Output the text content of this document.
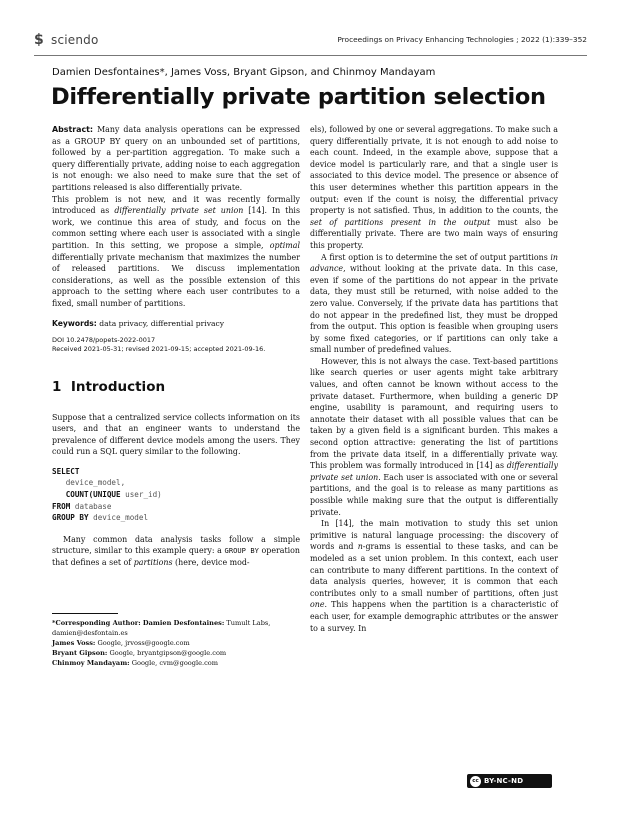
$ sciendo	Proceedings on Privacy Enhancing Technologies ; 2022 (1):339–352
Damien Desfontaines*, James Voss, Bryant Gipson, and Chinmoy Mandayam
Differentially private partition selection

Abstract: Many data analysis operations can be expressed as a GROUP BY query on an unbounded set of partitions, followed by a per-partition aggregation. To make such a query differentially private, adding noise to each aggregation is not enough: we also need to make sure that the set of partitions released is also differentially private.

This problem is not new, and it was recently formally introduced as differentially private set union [14]. In this work, we continue this area of study, and focus on the common setting where each user is associated with a single partition. In this setting, we propose a simple, optimal differentially private mechanism that maximizes the number of released partitions. We discuss implementation considerations, as well as the possible extension of this approach to the setting where each user contributes to a fixed, small number of partitions.

Keywords: data privacy, differential privacy

DOI 10.2478/popets-2022-0017

Received 2021-05-31; revised 2021-09-15; accepted 2021-09-16.

1 Introduction

Suppose that a centralized service collects information on its users, and that an engineer wants to understand the prevalence of different device models among the users. They could run a SQL query similar to the following.

SELECT
device_model,
COUNT(UNIQUE user_id)
FROM database
GROUP BY device_model

Many common data analysis tasks follow a simple structure, similar to this example query: a GROUP BY operation that defines a set of partitions (here, device mod-

*Corresponding Author: Damien Desfontaines: Tumult Labs, damien@desfontain.es

James Voss: Google, jrvoss@google.com

Bryant Gipson: Google, bryantgipson@google.com

Chinmoy Mandayam: Google, cvm@google.com

els), followed by one or several aggregations. To make such a query differentially private, it is not enough to add noise to each count. Indeed, in the example above, suppose that a device model is particularly rare, and that a single user is associated to this device model. The presence or absence of this user determines whether this partition appears in the output: even if the count is noisy, the differential privacy property is not satisfied. Thus, in addition to the counts, the set of partitions present in the output must also be differentially private. There are two main ways of ensuring this property.

A first option is to determine the set of output partitions in advance, without looking at the private data. In this case, even if some of the partitions do not appear in the private data, they must still be returned, with noise added to the zero value. Conversely, if the private data has partitions that do not appear in the predefined list, they must be dropped from the output. This option is feasible when grouping users by some fixed categories, or if partitions can only take a small number of predefined values.

However, this is not always the case. Text-based partitions like search queries or user agents might take arbitrary values, and often cannot be known without access to the private dataset. Furthermore, when building a generic DP engine, usability is paramount, and requiring users to annotate their dataset with all possible values that can be taken by a given field is a significant burden. This makes a second option attractive: generating the list of partitions from the private data itself, in a differentially private way. This problem was formally introduced in [14] as differentially private set union. Each user is associated with one or several partitions, and the goal is to release as many partitions as possible while making sure that the output is differentially private.

In [14], the main motivation to study this set union primitive is natural language processing: the discovery of words and n-grams is essential to these tasks, and can be modeled as a set union problem. In this context, each user can contribute to many different partitions. In the context of data analysis queries, however, it is common that each contributes only to a small number of partitions, often just one. This happens when the partition is a characteristic of each user, for example demographic attributes or the answer to a survey. In

cc BY-NC-ND
